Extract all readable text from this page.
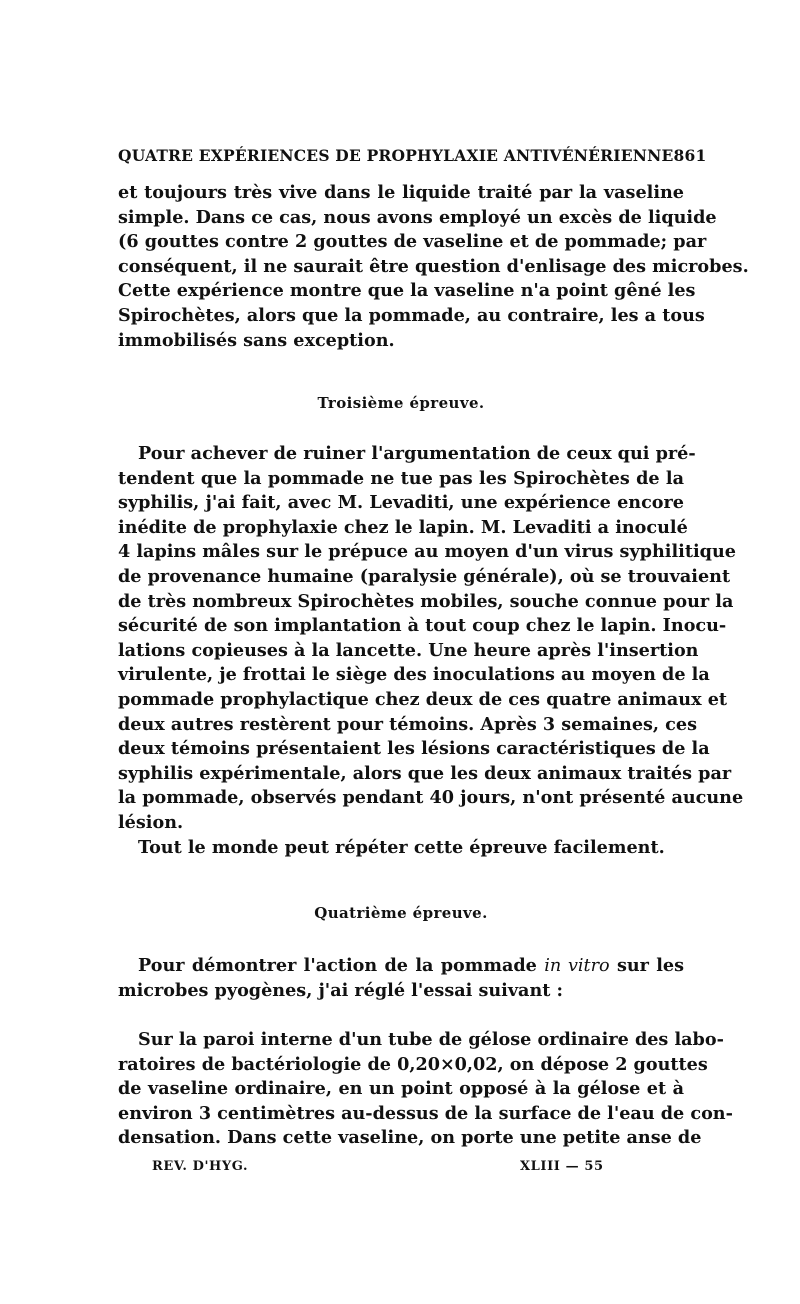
QUATRE EXPÉRIENCES DE PROPHYLAXIE ANTIVÉNÉRIENNE 861
et toujours très vive dans le liquide traité par la vaseline
simple. Dans ce cas, nous avons employé un excès de liquide
(6 gouttes contre 2 gouttes de vaseline et de pommade; par
conséquent, il ne saurait être question d'enlisage des microbes.
Cette expérience montre que la vaseline n'a point gêné les
Spirochètes, alors que la pommade, au contraire, les a tous
immobilisés sans exception.
Troisième épreuve.
Pour achever de ruiner l'argumentation de ceux qui pré-
tendent que la pommade ne tue pas les Spirochètes de la
syphilis, j'ai fait, avec M. Levaditi, une expérience encore
inédite de prophylaxie chez le lapin. M. Levaditi a inoculé
4 lapins mâles sur le prépuce au moyen d'un virus syphilitique
de provenance humaine (paralysie générale), où se trouvaient
de très nombreux Spirochètes mobiles, souche connue pour la
sécurité de son implantation à tout coup chez le lapin. Inocu-
lations copieuses à la lancette. Une heure après l'insertion
virulente, je frottai le siège des inoculations au moyen de la
pommade prophylactique chez deux de ces quatre animaux et
deux autres restèrent pour témoins. Après 3 semaines, ces
deux témoins présentaient les lésions caractéristiques de la
syphilis expérimentale, alors que les deux animaux traités par
la pommade, observés pendant 40 jours, n'ont présenté aucune
lésion.
Tout le monde peut répéter cette épreuve facilement.
Quatrième épreuve.
Pour démontrer l'action de la pommade in vitro sur les
microbes pyogènes, j'ai réglé l'essai suivant :
Sur la paroi interne d'un tube de gélose ordinaire des labo-
ratoires de bactériologie de 0,20×0,02, on dépose 2 gouttes
de vaseline ordinaire, en un point opposé à la gélose et à
environ 3 centimètres au-dessus de la surface de l'eau de con-
densation. Dans cette vaseline, on porte une petite anse de
REV. D'HYG.	XLIII — 55
